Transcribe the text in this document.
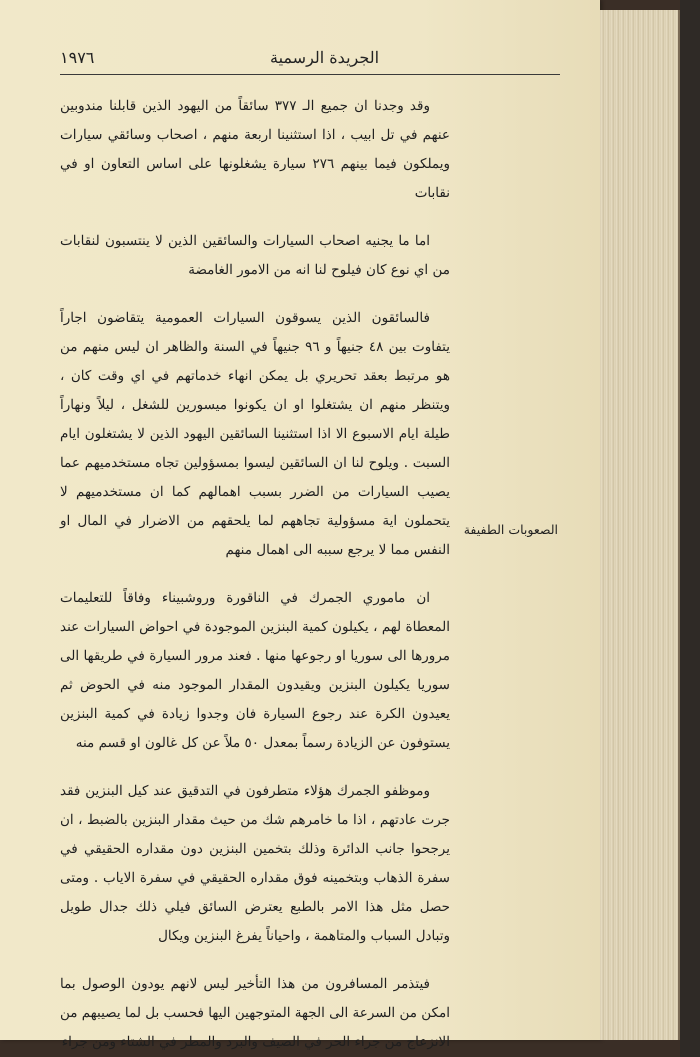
١٩٧٦	الجريدة الرسمية

وقد وجدنا ان جميع الـ ٣٧٧ سائقاً من اليهود الذين قابلنا مندوبين عنهم في تل ابيب ، اذا استثنينا اربعة منهم ، اصحاب وسائقي سيارات ويملكون فيما بينهم ٢٧٦ سيارة يشغلونها على اساس التعاون او في نقابات

اما ما يجنيه اصحاب السيارات والسائقين الذين لا ينتسبون لنقابات من اي نوع كان فيلوح لنا انه من الامور الغامضة

فالسائقون الذين يسوقون السيارات العمومية يتقاضون اجاراً يتفاوت بين ٤٨ جنيهاً و ٩٦ جنيهاً في السنة والظاهر ان ليس منهم من هو مرتبط بعقد تحريري بل يمكن انهاء خدماتهم في اي وقت كان ، ويتنظر منهم ان يشتغلوا او ان يكونوا ميسورين للشغل ، ليلاً ونهاراً طيلة ايام الاسبوع الا اذا استثنينا السائقين اليهود الذين لا يشتغلون ايام السبت . ويلوح لنا ان السائقين ليسوا بمسؤولين تجاه مستخدميهم عما يصيب السيارات من الضرر بسبب اهمالهم كما ان مستخدميهم لا يتحملون اية مسؤولية تجاههم لما يلحقهم من الاضرار في المال او النفس مما لا يرجع سببه الى اهمال منهم

ان ماموري الجمرك في الناقورة وروشبيناء وفاقاً للتعليمات المعطاة لهم ، يكيلون كمية البنزين الموجودة في احواض السيارات عند مرورها الى سوريا او رجوعها منها . فعند مرور السيارة في طريقها الى سوريا يكيلون البنزين ويقيدون المقدار الموجود منه في الحوض ثم يعيدون الكرة عند رجوع السيارة فان وجدوا زيادة في كمية البنزين يستوفون عن الزيادة رسماً بمعدل ٥٠ ملاً عن كل غالون او قسم منه

وموظفو الجمرك هؤلاء متطرفون في التدقيق عند كيل البنزين فقد جرت عادتهم ، اذا ما خامرهم شك من حيث مقدار البنزين بالضبط ، ان يرجحوا جانب الدائرة وذلك بتخمين البنزين دون مقداره الحقيقي في سفرة الذهاب وبتخمينه فوق مقداره الحقيقي في سفرة الاياب . ومتى حصل مثل هذا الامر بالطبع يعترض السائق فيلي ذلك جدال طويل وتبادل السباب والمتاهمة ، واحياناً يفرغ البنزين ويكال

فيتذمر المسافرون من هذا التأخير ليس لانهم يودون الوصول بما امكن من السرعة الى الجهة المتوجهين اليها فحسب بل لما يصيبهم من الانزعاج من جراء الحر في الصيف والبرد والمطر في الشتاء ومن جراء

الصعوبات الطفيفة
